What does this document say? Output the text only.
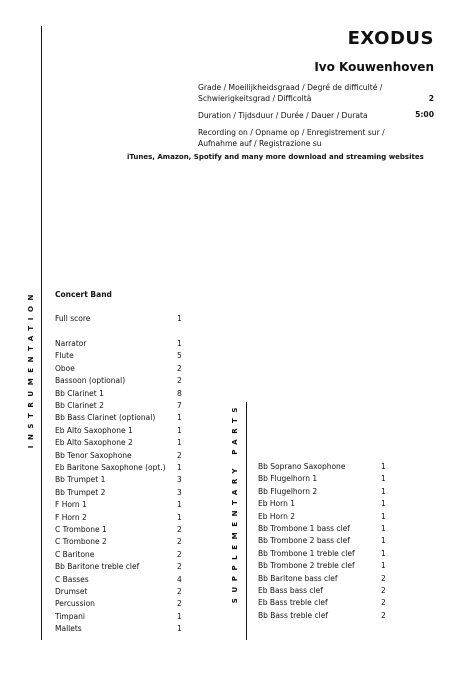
EXODUS
Ivo Kouwenhoven
Grade / Moeilijkheidsgraad / Degré de difficulté /
Schwierigkeitsgrad / Difficoltà	2
Duration / Tijdsduur / Durée / Dauer / Durata	5:00
Recording on / Opname op / Enregistrement sur /
Aufnahme auf / Registrazione su
iTunes, Amazon, Spotify and many more download and streaming websites
INSTRUMENTATION
SUPPLEMENTARY PARTS
Concert Band
Full score	1
Narrator	1
Flute	5
Oboe	2
Bassoon (optional)	2
Bb Clarinet 1	8
Bb Clarinet 2	7
Bb Bass Clarinet (optional)	1
Eb Alto Saxophone 1	1
Eb Alto Saxophone 2	1
Bb Tenor Saxophone	2
Eb Baritone Saxophone (opt.) 1
Bb Trumpet 1	3
Bb Trumpet 2	3
F Horn 1	1
F Horn 2	1
C Trombone 1	2
C Trombone 2	2
C Baritone	2
Bb Baritone treble clef	2
C Basses	4
Drumset	2
Percussion	2
Timpani	1
Mallets	1
Bb Soprano Saxophone	1
Bb Flugelhorn 1	1
Bb Flugelhorn 2	1
Eb Horn 1	1
Eb Horn 2	1
Bb Trombone 1 bass clef	1
Bb Trombone 2 bass clef	1
Bb Trombone 1 treble clef	1
Bb Trombone 2 treble clef	1
Bb Baritone bass clef	2
Eb Bass bass clef	2
Eb Bass treble clef	2
Bb Bass treble clef	2
